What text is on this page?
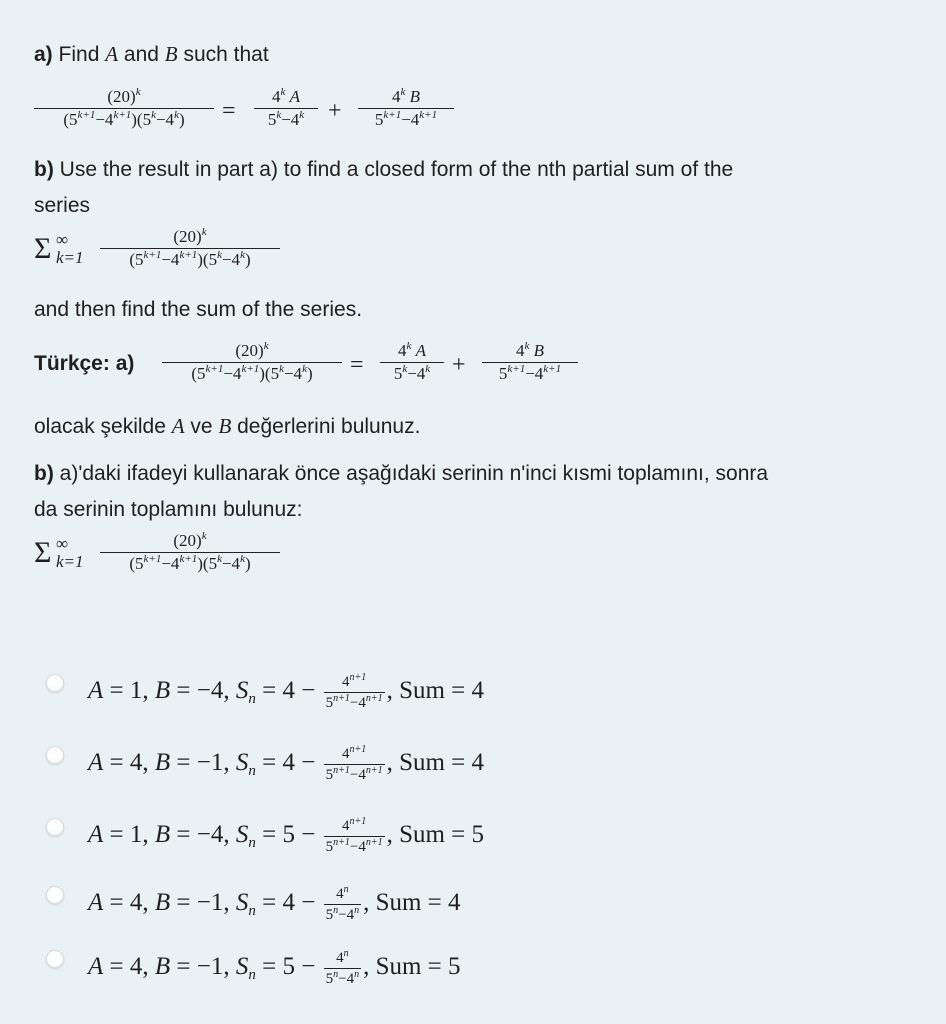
a) Find A and B such that
$\frac{(20)^k}{(5^{k+1}-4^{k+1})(5^k-4^k)} = \frac{4^k A}{5^k-4^k} + \frac{4^k B}{5^{k+1}-4^{k+1}}$
b) Use the result in part a) to find a closed form of the nth partial sum of the
series
Σ ∞
$k=1 \frac{(20)^k}{(5^{k+1}-4^{k+1})(5^k-4^k)}$
and then find the sum of the series.
Türkçe: $a) \frac{(20)^k}{(5^{k+1}-4^{k+1})(5^k-4^k)} = \frac{4^k A}{5^k-4^k} + \frac{4^k B}{5^{k+1}-4^{k+1}}$
olacak şekilde A ve B değerlerini bulunuz.
b) a)'daki ifadeyi kullanarak önce aşağıdaki serinin n'inci kısmi toplamını, sonra
da serinin toplamını bulunuz:
Σ ∞
$k=1 \frac{(20)^k}{(5^{k+1}-4^{k+1})(5^k-4^k)}$
A = 1, B = −4, $S_n = 4 - \frac{4^{n+1}}{5^{n+1}-4^{n+1}}$ , Sum = 4
A = 4, B = −1, $S_n = 4 - \frac{4^{n+1}}{5^{n+1}-4^{n+1}}$ , Sum = 4
A = 1, B = −4, $S_n = 5 - \frac{4^{n+1}}{5^{n+1}-4^{n+1}}$ , Sum = 5
A = 4, B = −1, $S_n = 4 - \frac{4^n}{5^n-4^n}$ , Sum = 4
A = 4, B = −1, $S_n = 5 - \frac{4^n}{5^n-4^n}$ , Sum = 5
